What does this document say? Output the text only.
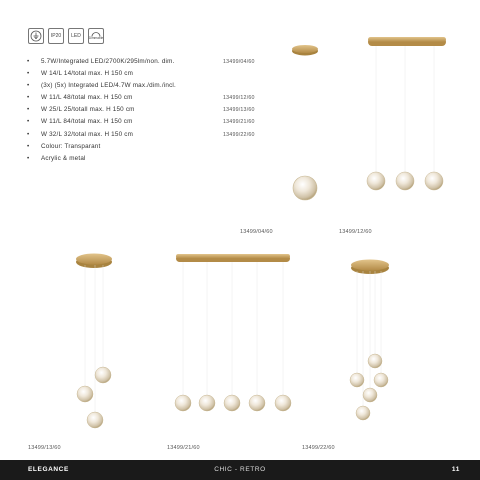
IP20 LED Dimmable
• 5.7W/Integrated LED/2700K/295lm/non. dim.	13499/04/60
• W 14/L 14/total max. H 150 cm
• (3x) (5x) Integrated LED/4.7W max./dim./incl.
• W 11/L 48/total max. H 150 cm	13499/12/60
• W 25/L 25/totall max. H 150 cm	13499/13/60
• W 11/L 84/total max. H 150 cm	13499/21/60
• W 32/L 32/total max. H 150 cm	13499/22/60
• Colour: Transparant
• Acrylic & metal
13499/04/60	13499/12/60
13499/13/60	13499/21/60	13499/22/60
ELEGANCE	CHIC - RETRO	11
